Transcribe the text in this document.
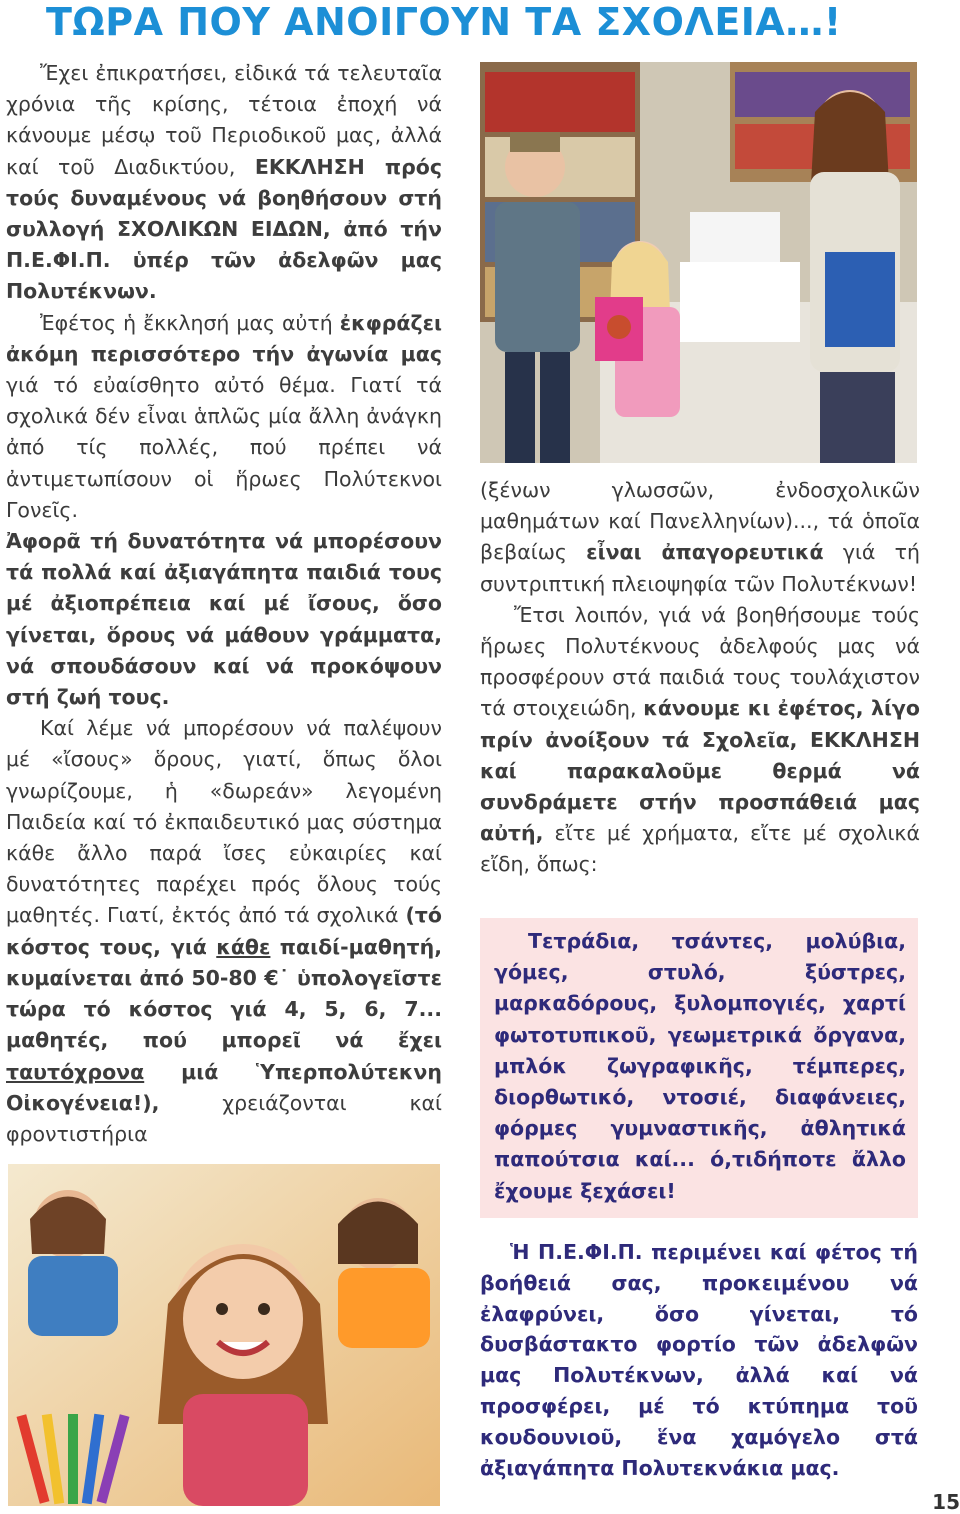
ΤΩΡΑ ΠΟΥ ΑΝΟΙΓΟΥΝ ΤΑ ΣΧΟΛΕΙΑ…!

Ἔχει ἐπικρατήσει, εἰδικά τά τελευταῖα χρόνια τῆς κρίσης, τέτοια ἐποχή νά κάνουμε μέσῳ τοῦ Περιοδικοῦ μας, ἀλλά καί τοῦ Διαδικτύου, ΕΚΚΛΗΣΗ πρός τούς δυναμένους νά βοηθήσουν στή συλλογή ΣΧΟΛΙΚΩΝ ΕΙΔΩΝ, ἀπό τήν Π.Ε.ΦΙ.Π. ὑπέρ τῶν ἀδελφῶν μας Πολυτέκνων.

Ἐφέτος ἡ ἔκκλησή μας αὐτή ἐκφράζει ἀκόμη περισσότερο τήν ἀγωνία μας γιά τό εὐαίσθητο αὐτό θέμα. Γιατί τά σχολικά δέν εἶναι ἁπλῶς μία ἄλλη ἀνάγκη ἀπό τίς πολλές, πού πρέπει νά ἀντιμετωπίσουν οἱ ἥρωες Πολύτεκνοι Γονεῖς.

Ἀφορᾶ τή δυνατότητα νά μπορέσουν τά πολλά καί ἀξιαγάπητα παιδιά τους μέ ἀξιοπρέπεια καί μέ ἴσους, ὅσο γίνεται, ὅρους νά μάθουν γράμματα, νά σπουδάσουν καί νά προκόψουν στή ζωή τους.

Καί λέμε νά μπορέσουν νά παλέψουν μέ «ἴσους» ὅρους, γιατί, ὅπως ὅλοι γνωρίζουμε, ἡ «δωρεάν» λεγομένη Παιδεία καί τό ἐκπαιδευτικό μας σύστημα κάθε ἄλλο παρά ἴσες εὐκαιρίες καί δυνατότητες παρέχει πρός ὅλους τούς μαθητές. Γιατί, ἐκτός ἀπό τά σχολικά (τό κόστος τους, γιά κάθε παιδί-μαθητή, κυμαίνεται ἀπό 50-80 €˙ ὑπολογεῖστε τώρα τό κόστος γιά 4, 5, 6, 7... μαθητές, πού μπορεῖ νά ἔχει ταυτόχρονα μιά Ὑπερπολύτεκνη Οἰκογένεια!),	χρειάζονται καί φροντιστήρια

(ξένων γλωσσῶν, ἐνδοσχολικῶν μαθημάτων καί Πανελληνίων)..., τά ὁποῖα βεβαίως εἶναι ἀπαγορευτικά γιά τή συντριπτική πλειοψηφία τῶν Πολυτέκνων!

Ἔτσι λοιπόν, γιά νά βοηθήσουμε τούς ἥρωες Πολυτέκνους ἀδελφούς μας νά προσφέρουν στά παιδιά τους τουλάχιστον τά στοιχειώδη, κάνουμε κι ἐφέτος, λίγο πρίν ἀνοίξουν τά Σχολεῖα, ΕΚΚΛΗΣΗ καί παρακαλοῦμε θερμά νά συνδράμετε στήν προσπάθειά μας αὐτή, εἴτε μέ χρήματα, εἴτε μέ σχολικά εἴδη, ὅπως:

Τετράδια, τσάντες, μολύβια, γόμες, στυλό, ξύστρες, μαρκαδόρους, ξυλομπογιές, χαρτί φωτοτυπικοῦ, γεωμετρικά ὄργανα, μπλόκ ζωγραφικῆς, τέμπερες, διορθωτικό, ντοσιέ, διαφάνειες, φόρμες γυμναστικῆς, ἀθλητικά παπούτσια καί... ό,τιδήποτε ἄλλο ἔχουμε ξεχάσει!
Ἡ Π.Ε.ΦΙ.Π. περιμένει καί φέτος τή βοήθειά σας, προκειμένου νά ἐλαφρύνει, ὅσο γίνεται, τό δυσβάστακτο φορτίο τῶν ἀδελφῶν μας Πολυτέκνων, ἀλλά καί νά προσφέρει, μέ τό κτύπημα τοῦ κουδουνιοῦ, ἕνα χαμόγελο στά ἀξιαγάπητα Πολυτεκνάκια μας.
15
